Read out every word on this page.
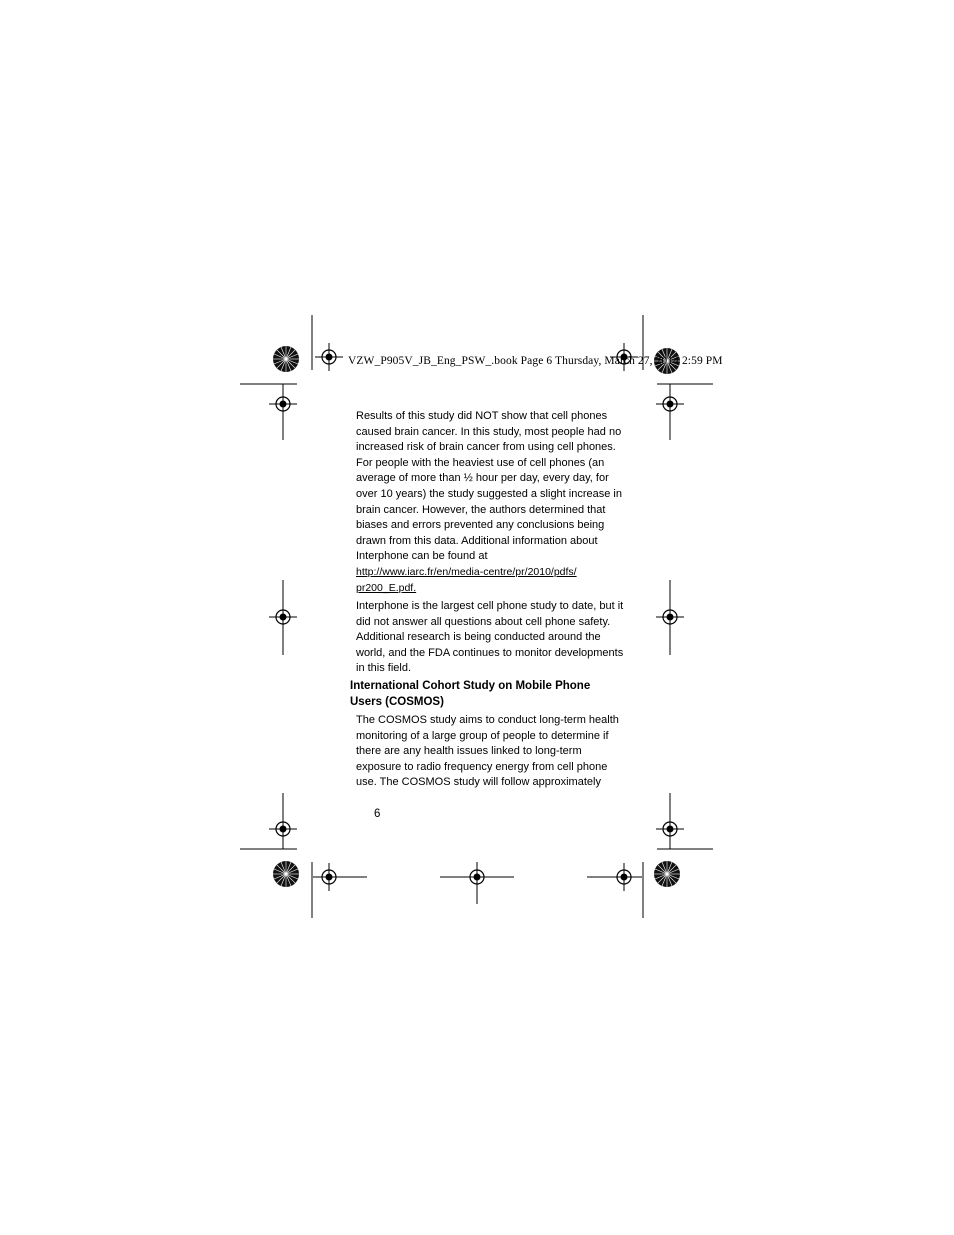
VZW_P905V_JB_Eng_PSW_.book Page 6 Thursday, March 27, 2014 2:59 PM
Results of this study did NOT show that cell phones
caused brain cancer. In this study, most people had no
increased risk of brain cancer from using cell phones.
For people with the heaviest use of cell phones (an
average of more than ½ hour per day, every day, for
over 10 years) the study suggested a slight increase in
brain cancer. However, the authors determined that
biases and errors prevented any conclusions being
drawn from this data. Additional information about
Interphone can be found at
http://www.iarc.fr/en/media-centre/pr/2010/pdfs/
pr200_E.pdf.
Interphone is the largest cell phone study to date, but it
did not answer all questions about cell phone safety.
Additional research is being conducted around the
world, and the FDA continues to monitor developments
in this field.
International Cohort Study on Mobile Phone
Users (COSMOS)
The COSMOS study aims to conduct long-term health
monitoring of a large group of people to determine if
there are any health issues linked to long-term
exposure to radio frequency energy from cell phone
use. The COSMOS study will follow approximately
6
